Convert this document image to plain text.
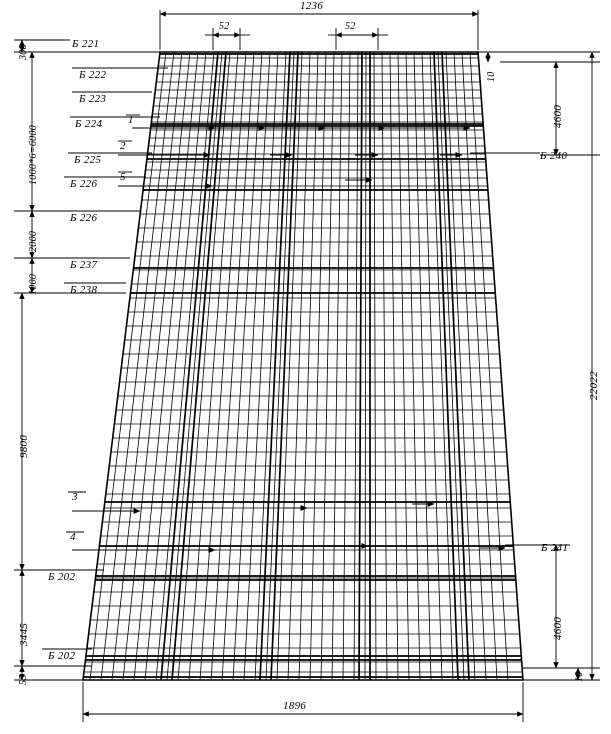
1236
52	52
1896
308
1000*6=6000
2000
1000
9800
3445
55
10
4600
22022
4600
10
Б 221
Б 222
Б 223
Б 224
Б 225
Б 226
Б 226
Б 237
Б 238
Б 202
Б 202
Б 240
Б 241
1
2
5
3
4
